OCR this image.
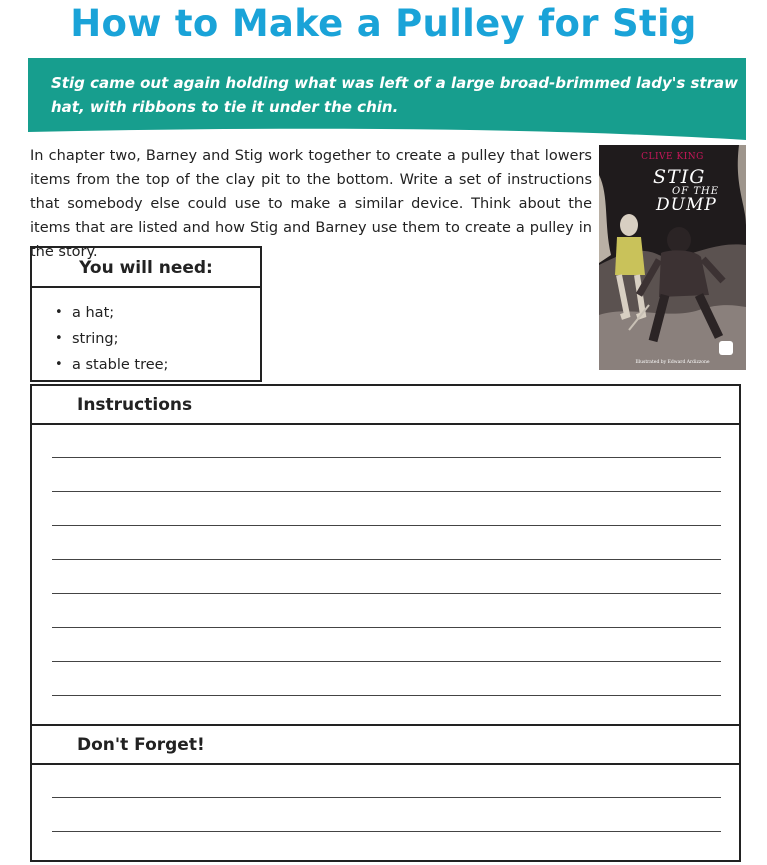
How to Make a Pulley for Stig

Stig came out again holding what was left of a large broad-brimmed lady's straw hat, with ribbons to tie it under the chin.

In chapter two, Barney and Stig work together to create a pulley that lowers items from the top of the clay pit to the bottom. Write a set of instructions that somebody else could use to make a similar device. Think about the items that are listed and how Stig and Barney use them to create a pulley in the story.

CLIVE KING
STIG
OF THE
DUMP
Illustrated by Edward Ardizzone
You will need:
• a hat;
• string;
• a stable tree;
Instructions
Don't Forget!
